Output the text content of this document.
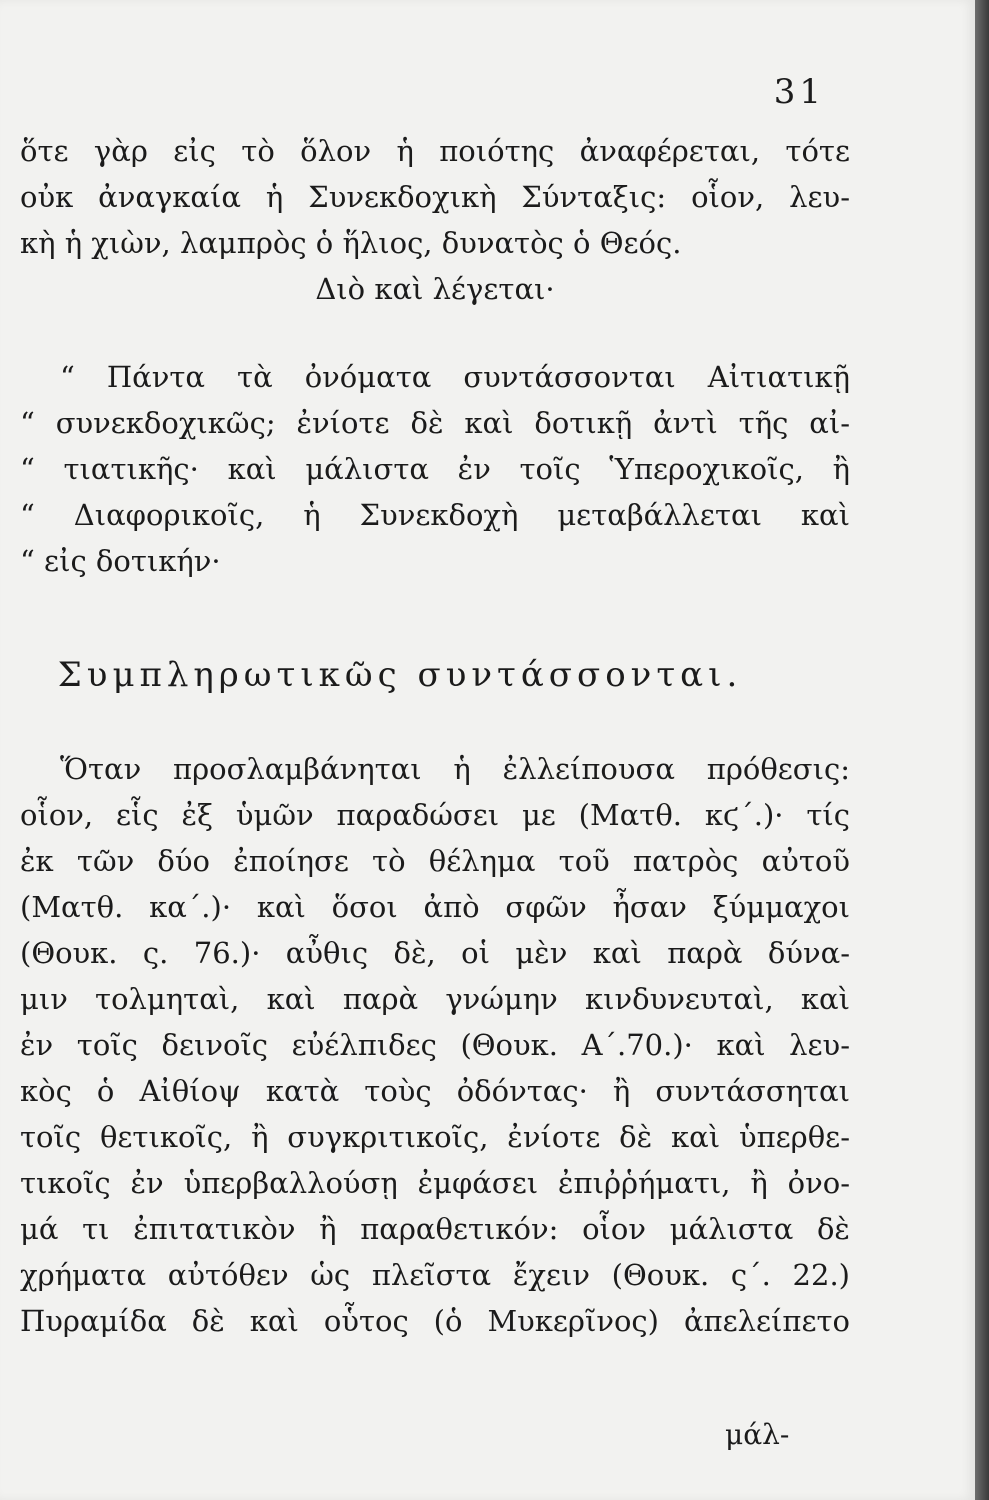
31
ὅτε γὰρ εἰς τὸ ὅλον ἡ ποιότης ἀναφέρεται, τότε
οὐκ ἀναγκαία ἡ Συνεκδοχικὴ Σύνταξις: οἷον, λευ-
κὴ ἡ χιὼν, λαμπρὸς ὁ ἥλιος, δυνατὸς ὁ Θεός.
Διὸ καὶ λέγεται·
“ Πάντα τὰ ὀνόματα συντάσσονται Αἰτιατικῇ
“ συνεκδοχικῶς; ἐνίοτε δὲ καὶ δοτικῇ ἀντὶ τῆς αἰ-
“ τιατικῆς· καὶ μάλιστα ἐν τοῖς Ὑπεροχικοῖς, ἢ
“ Διαφορικοῖς, ἡ Συνεκδοχὴ μεταβάλλεται καὶ
“ εἰς δοτικήν·
Συμπληρωτικῶς συντάσσονται.
Ὅταν προσλαμβάνηται ἡ ἐλλείπουσα πρόθεσις:
οἷον, εἷς ἐξ ὑμῶν παραδώσει με (Ματθ. κϛ΄.)· τίς
ἐκ τῶν δύο ἐποίησε τὸ θέλημα τοῦ πατρὸς αὐτοῦ
(Ματθ. κα΄.)· καὶ ὅσοι ἀπὸ σφῶν ἦσαν ξύμμαχοι
(Θουκ. ς. 76.)· αὖθις δὲ, οἱ μὲν καὶ παρὰ δύνα-
μιν τολμηταὶ, καὶ παρὰ γνώμην κινδυνευταὶ, καὶ
ἐν τοῖς δεινοῖς εὐέλπιδες (Θουκ. Α΄.70.)· καὶ λευ-
κὸς ὁ Αἰθίοψ κατὰ τοὺς ὀδόντας· ἢ συντάσσηται
τοῖς θετικοῖς, ἢ συγκριτικοῖς, ἐνίοτε δὲ καὶ ὑπερθε-
τικοῖς ἐν ὑπερβαλλούσῃ ἐμφάσει ἐπιῤῥήματι, ἢ ὀνο-
μά τι ἐπιτατικὸν ἢ παραθετικόν: οἷον μάλιστα δὲ
χρήματα αὐτόθεν ὡς πλεῖστα ἔχειν (Θουκ. ς΄. 22.)
Πυραμίδα δὲ καὶ οὗτος (ὁ Μυκερῖνος) ἀπελείπετο
μάλ-
